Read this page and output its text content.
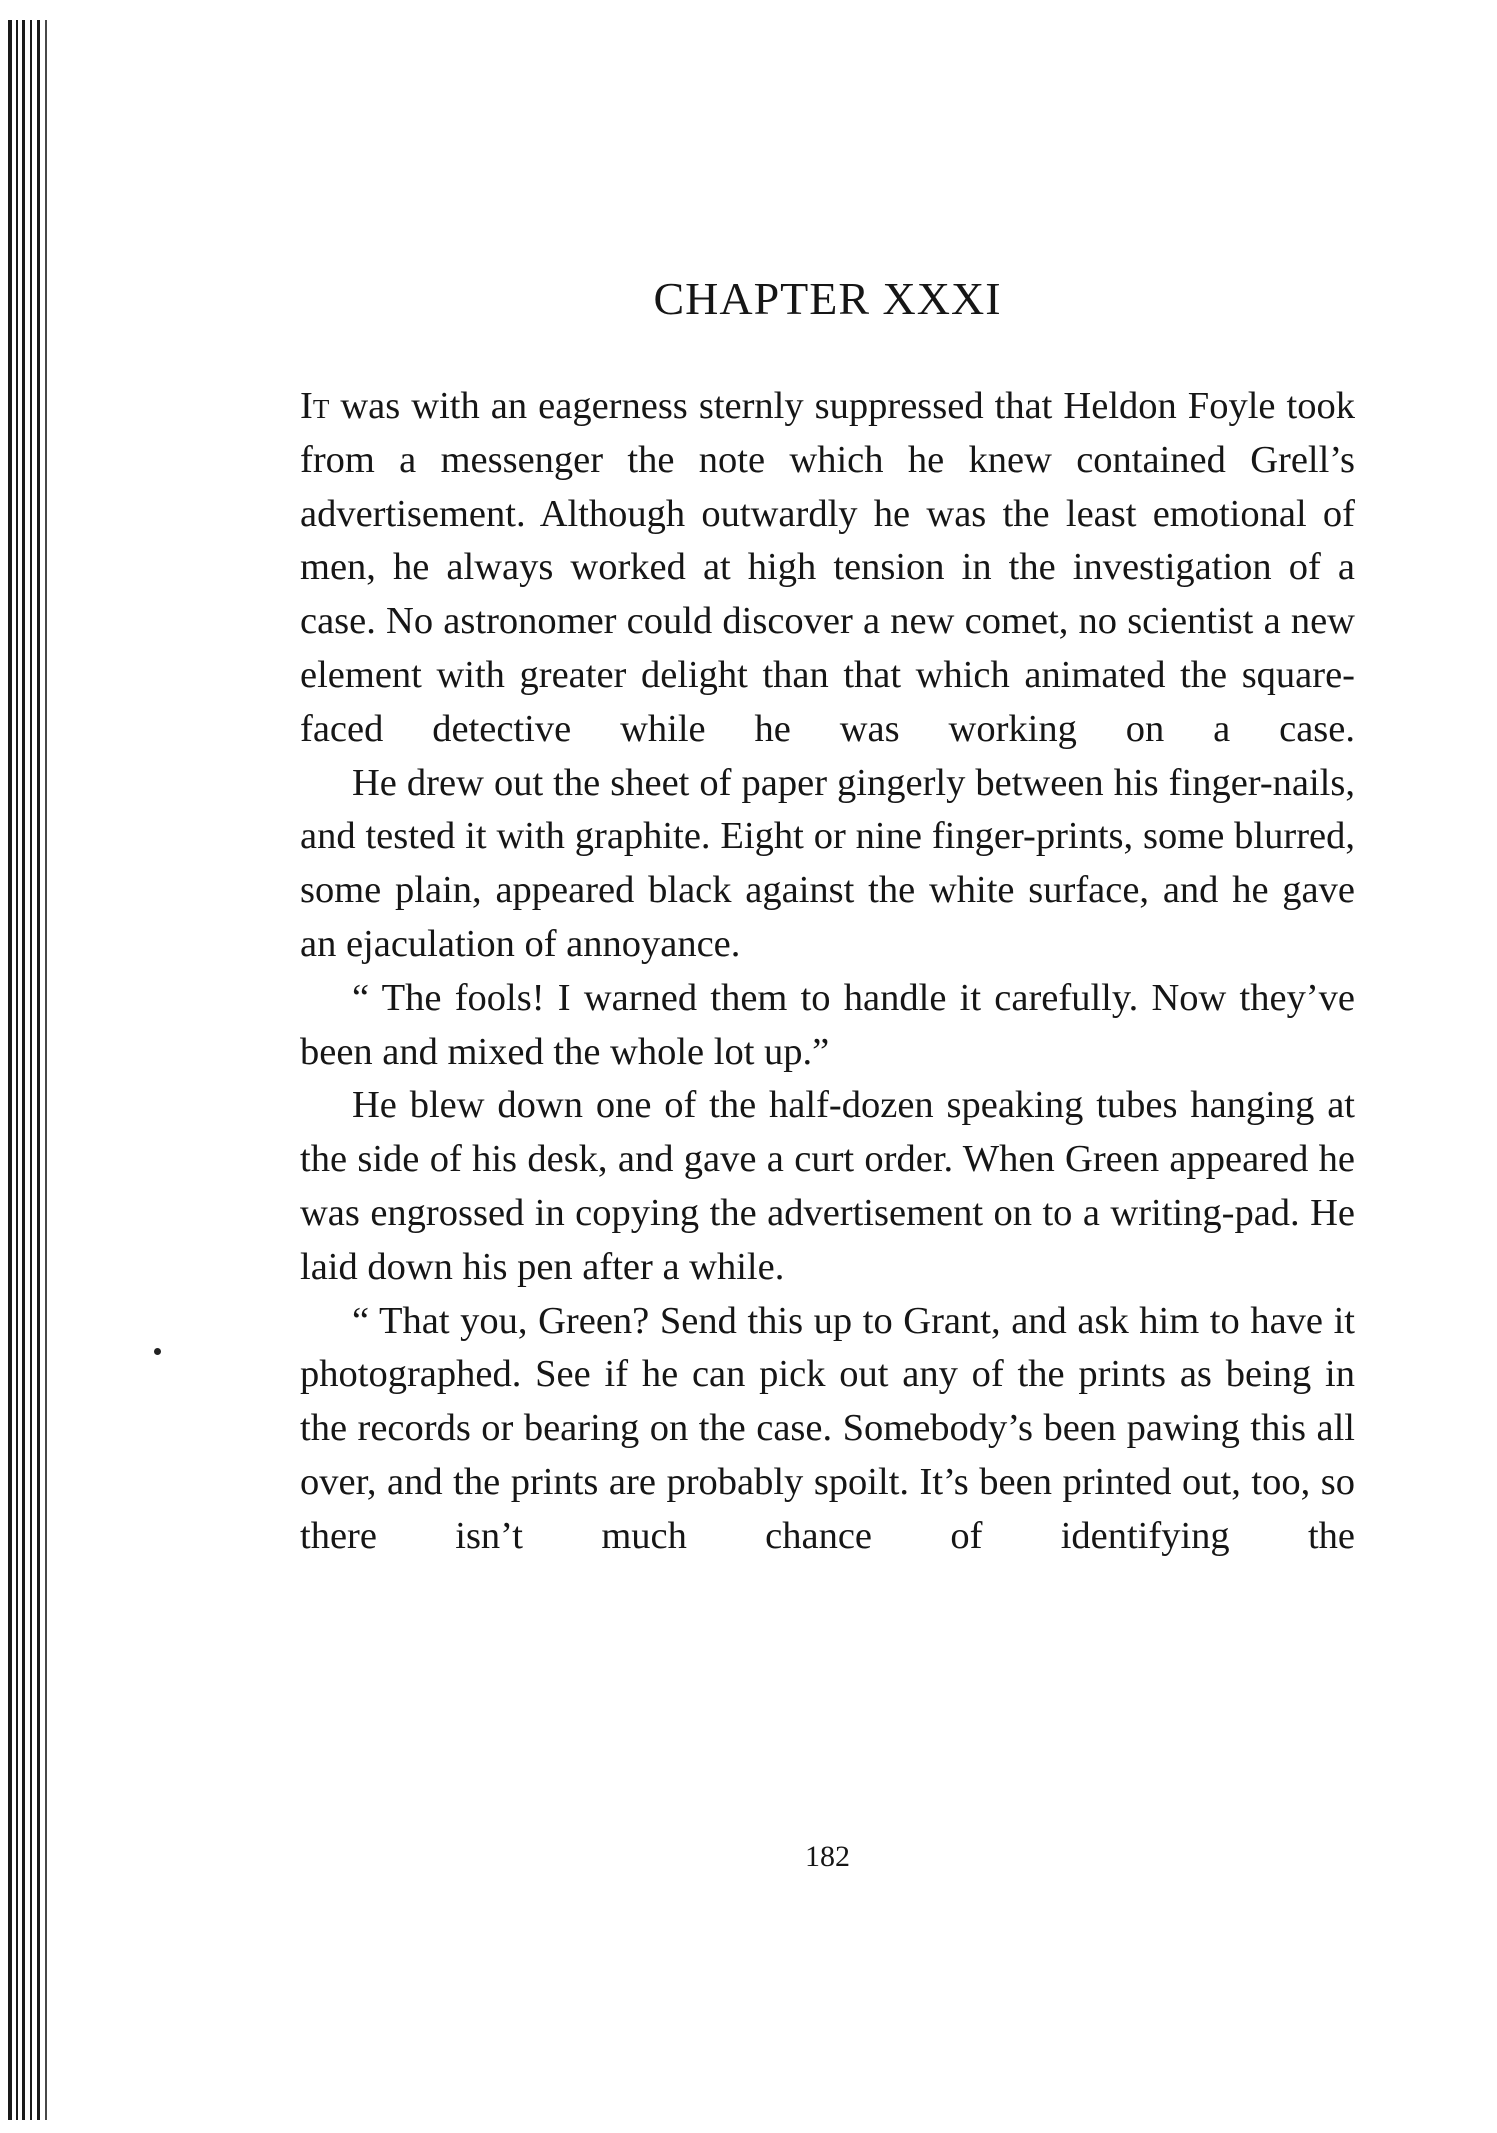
CHAPTER XXXI

It was with an eagerness sternly suppressed that Heldon Foyle took from a messenger the note which he knew contained Grell’s advertisement. Although outwardly he was the least emotional of men, he always worked at high tension in the investigation of a case. No astronomer could discover a new comet, no scientist a new element with greater delight than that which animated the square-faced detective while he was working on a case.

He drew out the sheet of paper gingerly between his finger-nails, and tested it with graphite. Eight or nine finger-prints, some blurred, some plain, appeared black against the white surface, and he gave an ejaculation of annoyance.

“ The fools! I warned them to handle it carefully. Now they’ve been and mixed the whole lot up.”

He blew down one of the half-dozen speaking tubes hanging at the side of his desk, and gave a curt order. When Green appeared he was engrossed in copying the advertisement on to a writing-pad. He laid down his pen after a while.

“ That you, Green? Send this up to Grant, and ask him to have it photographed. See if he can pick out any of the prints as being in the records or bearing on the case. Somebody’s been pawing this all over, and the prints are probably spoilt. It’s been printed out, too, so there isn’t much chance of identifying the

182
